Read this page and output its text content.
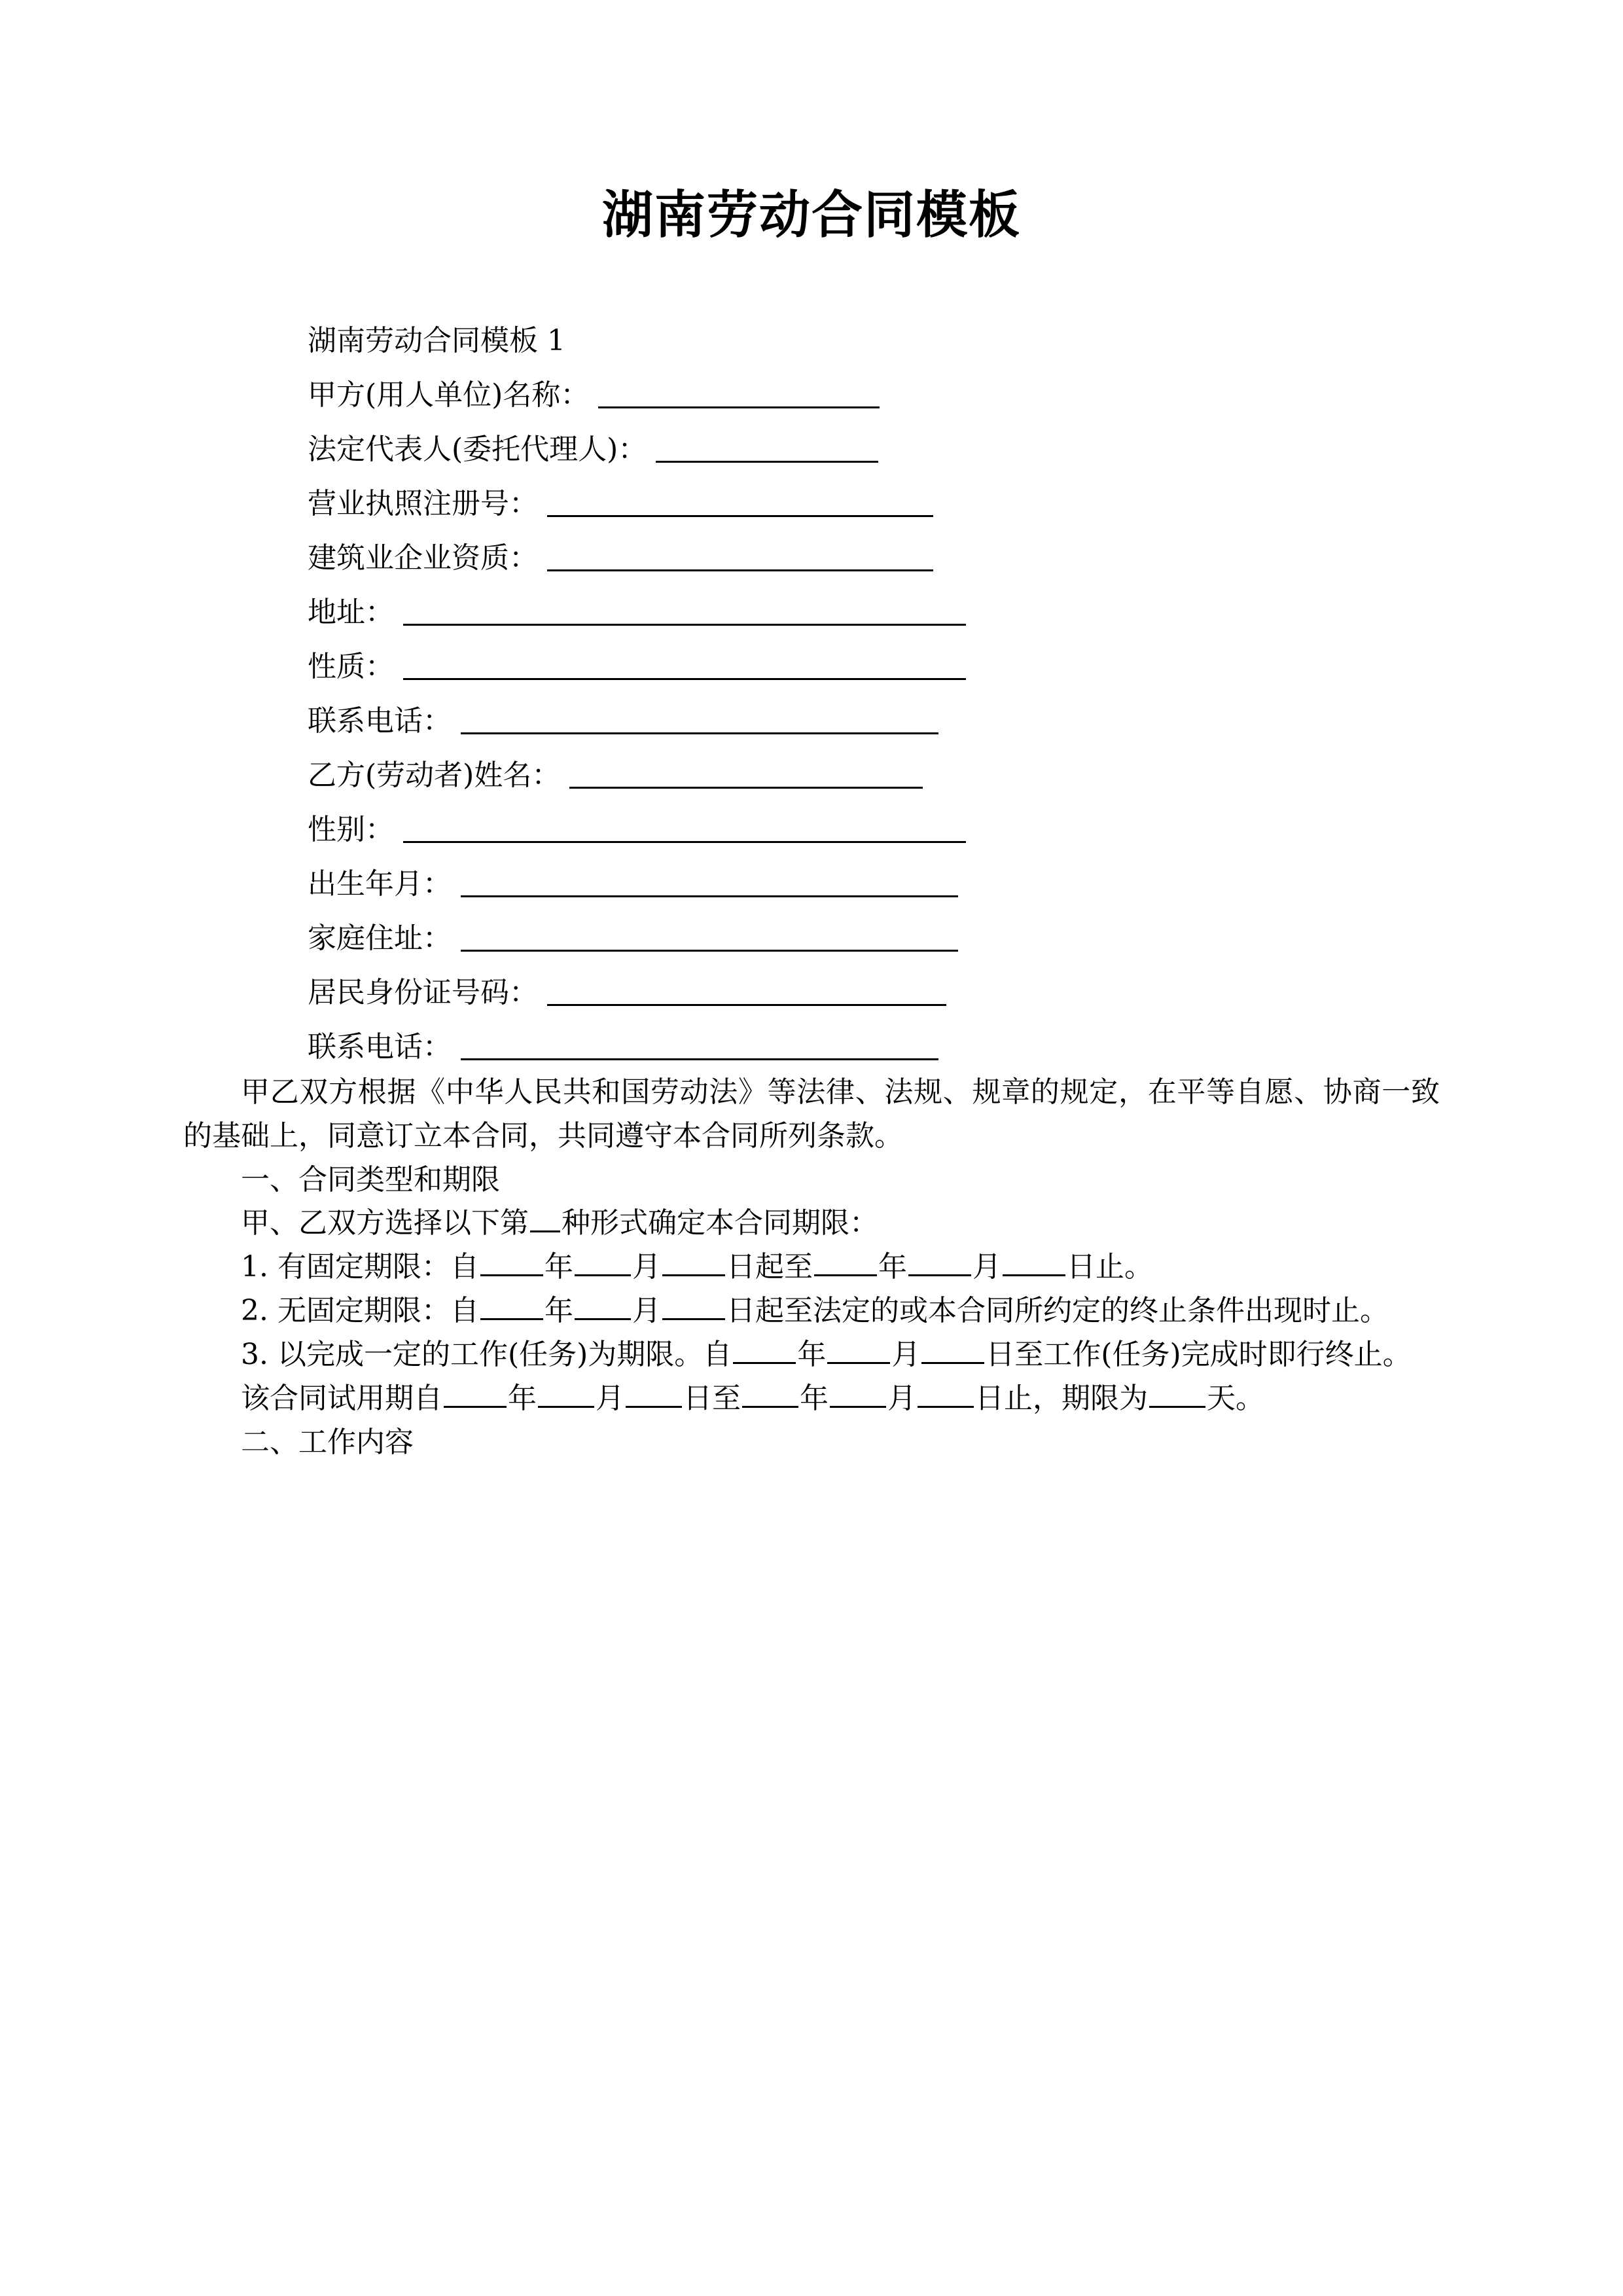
湖南劳动合同模板
湖南劳动合同模板 1
甲方(用人单位)名称：
法定代表人(委托代理人)：
营业执照注册号：
建筑业企业资质：
地址：
性质：
联系电话：
乙方(劳动者)姓名：
性别：
出生年月：
家庭住址：
居民身份证号码：
联系电话：

甲乙双方根据《中华人民共和国劳动法》等法律、法规、规章的规定，在平等自愿、协商一致的基础上，同意订立本合同，共同遵守本合同所列条款。

一、合同类型和期限

甲、乙双方选择以下第 种形式确定本合同期限：

1. 有固定期限：自 年 月 日起至 年 月 日止。

2. 无固定期限：自 年 月 日起至法定的或本合同所约定的终止条件出现时止。

3. 以完成一定的工作(任务)为期限。自 年 月 日至工作(任务)完成时即行终止。

该合同试用期自 年 月 日至 年 月 日止，期限为 天。

二、工作内容
